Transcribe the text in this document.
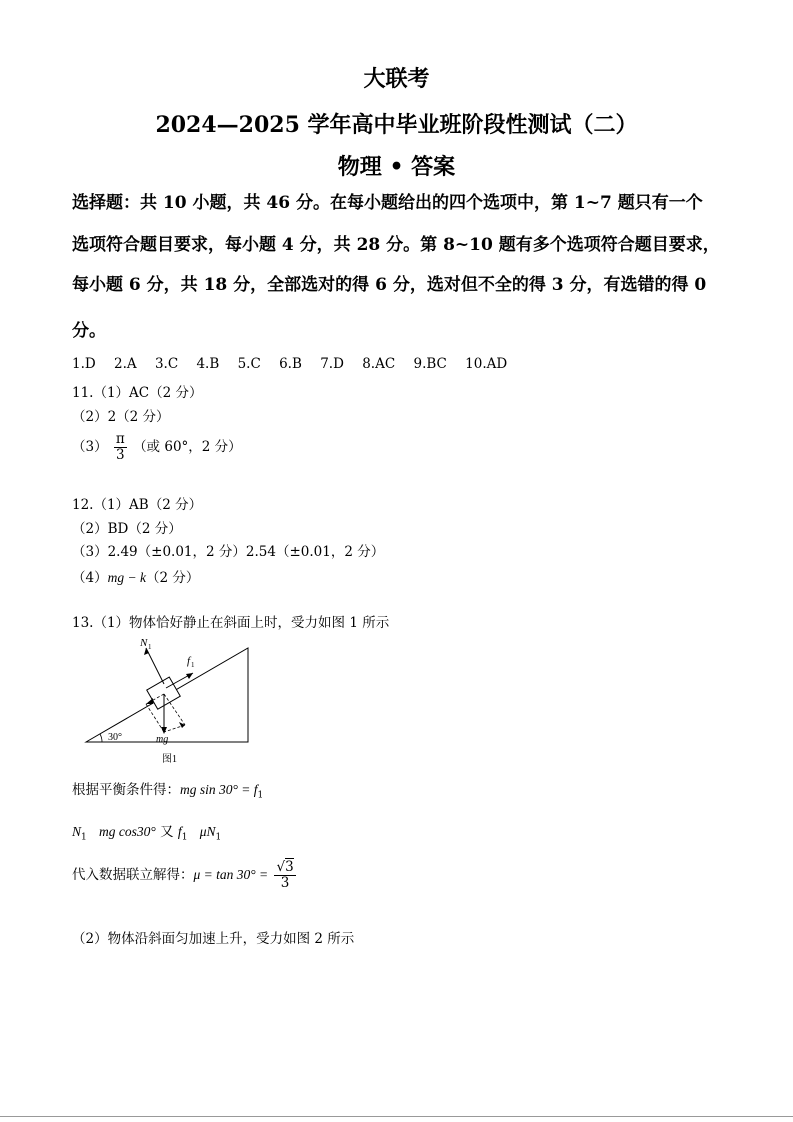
大联考
2024—2025 学年高中毕业班阶段性测试（二）
物理 • 答案
选择题：共 10 小题，共 46 分。在每小题给出的四个选项中，第 1~7 题只有一个
选项符合题目要求，每小题 4 分，共 28 分。第 8~10 题有多个选项符合题目要求，
每小题 6 分，共 18 分，全部选对的得 6 分，选对但不全的得 3 分，有选错的得 0
分。
1.D 2.A 3.C 4.B 5.C 6.B 7.D 8.AC 9.BC 10.AD
11.（1）AC（2 分）
（2）2（2 分）
$(3) \frac{\pi}{3}$ （或 60°，2 分）
12.（1）AB（2 分）
（2）BD（2 分）
（3）2.49（±0.01，2 分）2.54（±0.01，2 分）
（4）mg − k（2 分）
13.（1）物体恰好静止在斜面上时，受力如图 1 所示
N 1
f 1
30°	mg
图1
根据平衡条件得：mg $\sin 30^\circ = f_1$
$N_1$ mg cos30° 又 $f_1$ $\mu N_1$
代入数据联立解得：$\mu = \tan 30^\circ = \frac{√3}{3}$
（2）物体沿斜面匀加速上升，受力如图 2 所示
